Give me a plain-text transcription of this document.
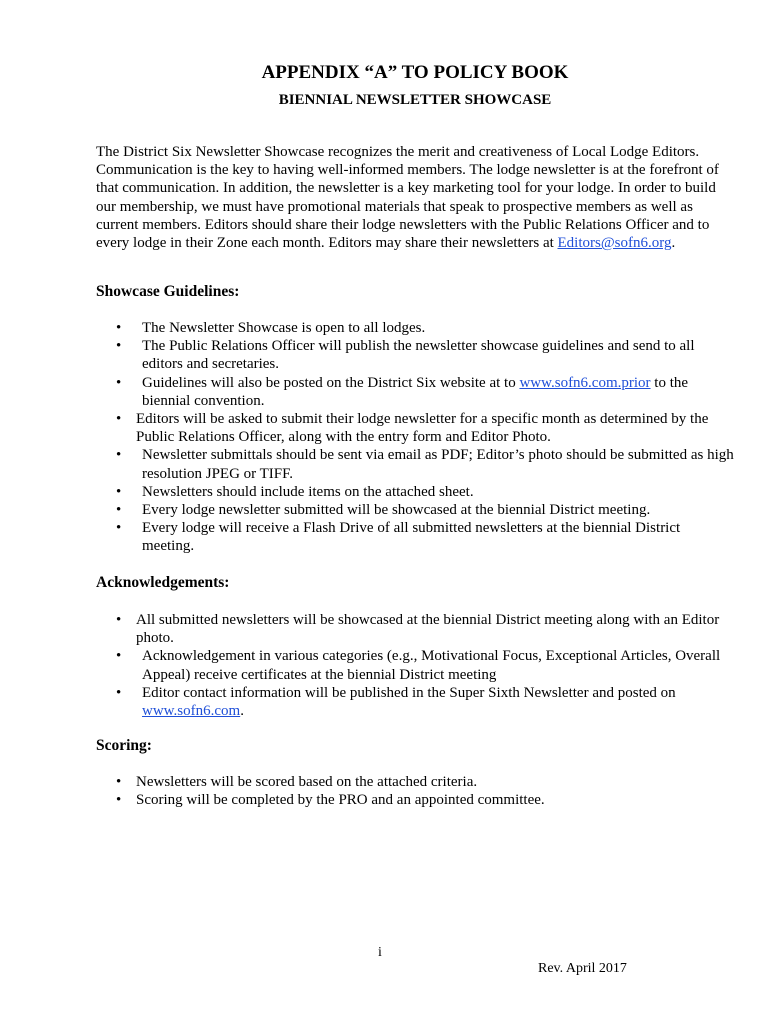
APPENDIX “A” TO POLICY BOOK
BIENNIAL NEWSLETTER SHOWCASE

The District Six Newsletter Showcase recognizes the merit and creativeness of Local Lodge Editors. Communication is the key to having well-informed members. The lodge newsletter is at the forefront of that communication. In addition, the newsletter is a key marketing tool for your lodge. In order to build our membership, we must have promotional materials that speak to prospective members as well as current members. Editors should share their lodge newsletters with the Public Relations Officer and to every lodge in their Zone each month. Editors may share their newsletters at Editors@sofn6.org.

Showcase Guidelines:
• The Newsletter Showcase is open to all lodges.
• The Public Relations Officer will publish the newsletter showcase guidelines and send to all editors and secretaries.
• Guidelines will also be posted on the District Six website at to www.sofn6.com.prior to the biennial convention.
• Editors will be asked to submit their lodge newsletter for a specific month as determined by the Public Relations Officer, along with the entry form and Editor Photo.
• Newsletter submittals should be sent via email as PDF; Editor’s photo should be submitted as high resolution JPEG or TIFF.
• Newsletters should include items on the attached sheet.
• Every lodge newsletter submitted will be showcased at the biennial District meeting.
• Every lodge will receive a Flash Drive of all submitted newsletters at the biennial District meeting.
Acknowledgements:
• All submitted newsletters will be showcased at the biennial District meeting along with an Editor photo.
• Acknowledgement in various categories (e.g., Motivational Focus, Exceptional Articles, Overall Appeal) receive certificates at the biennial District meeting
• Editor contact information will be published in the Super Sixth Newsletter and posted on www.sofn6.com.
Scoring:
• Newsletters will be scored based on the attached criteria.
• Scoring will be completed by the PRO and an appointed committee.
i
Rev. April 2017
